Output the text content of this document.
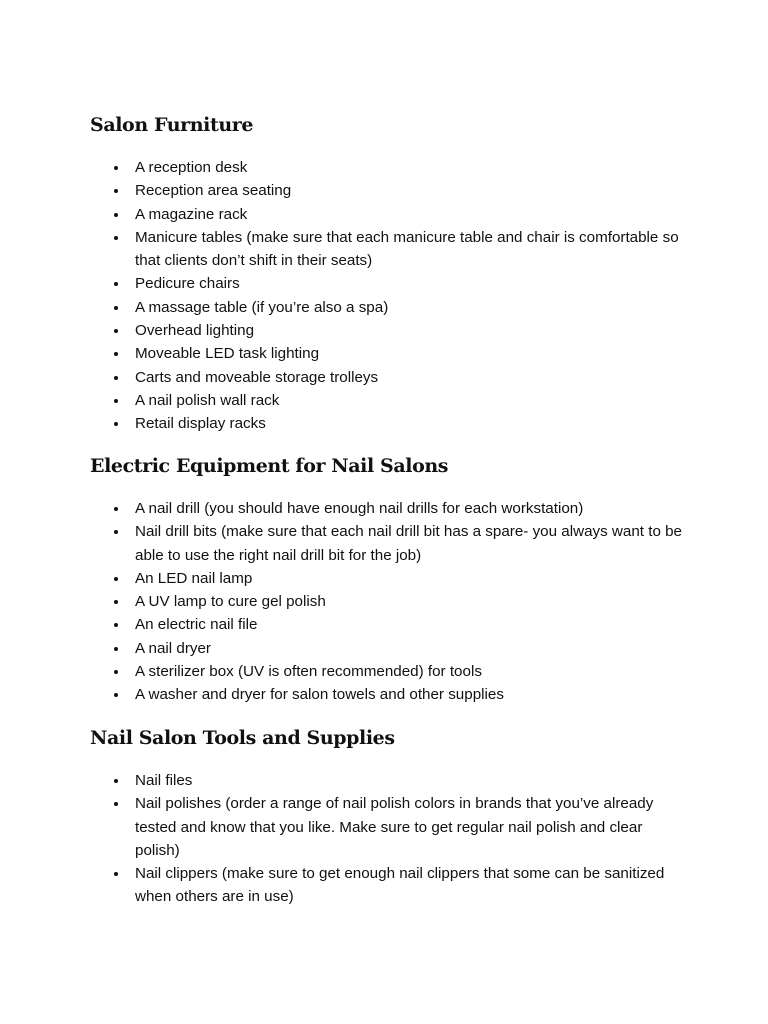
Salon Furniture
A reception desk
Reception area seating
A magazine rack
Manicure tables (make sure that each manicure table and chair is comfortable so that clients don’t shift in their seats)
Pedicure chairs
A massage table (if you’re also a spa)
Overhead lighting
Moveable LED task lighting
Carts and moveable storage trolleys
A nail polish wall rack
Retail display racks
Electric Equipment for Nail Salons
A nail drill (you should have enough nail drills for each workstation)
Nail drill bits (make sure that each nail drill bit has a spare- you always want to be able to use the right nail drill bit for the job)
An LED nail lamp
A UV lamp to cure gel polish
An electric nail file
A nail dryer
A sterilizer box (UV is often recommended) for tools
A washer and dryer for salon towels and other supplies
Nail Salon Tools and Supplies
Nail files
Nail polishes (order a range of nail polish colors in brands that you’ve already tested and know that you like. Make sure to get regular nail polish and clear polish)
Nail clippers (make sure to get enough nail clippers that some can be sanitized when others are in use)
